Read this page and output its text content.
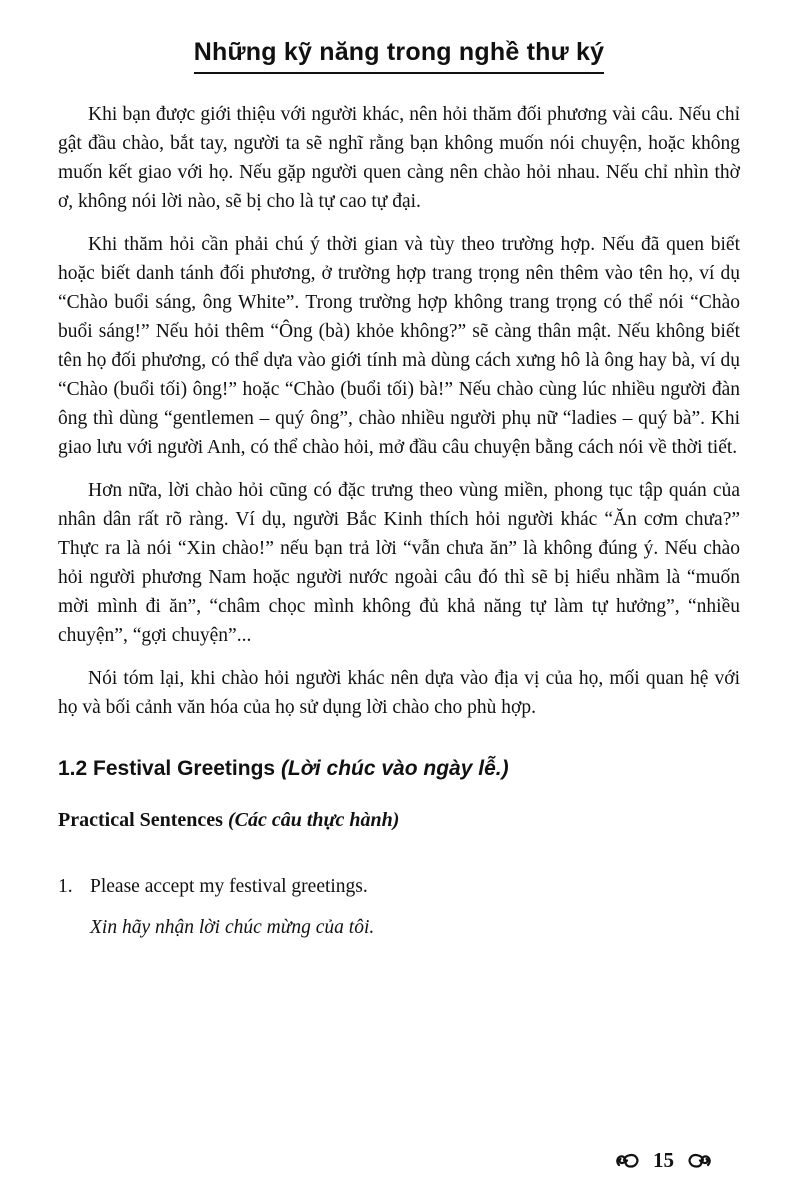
Những kỹ năng trong nghề thư ký

Khi bạn được giới thiệu với người khác, nên hỏi thăm đối phương vài câu. Nếu chỉ gật đầu chào, bắt tay, người ta sẽ nghĩ rằng bạn không muốn nói chuyện, hoặc không muốn kết giao với họ. Nếu gặp người quen càng nên chào hỏi nhau. Nếu chỉ nhìn thờ ơ, không nói lời nào, sẽ bị cho là tự cao tự đại.

Khi thăm hỏi cần phải chú ý thời gian và tùy theo trường hợp. Nếu đã quen biết hoặc biết danh tánh đối phương, ở trường hợp trang trọng nên thêm vào tên họ, ví dụ “Chào buổi sáng, ông White”. Trong trường hợp không trang trọng có thể nói “Chào buổi sáng!” Nếu hỏi thêm “Ông (bà) khỏe không?” sẽ càng thân mật. Nếu không biết tên họ đối phương, có thể dựa vào giới tính mà dùng cách xưng hô là ông hay bà, ví dụ “Chào (buổi tối) ông!” hoặc “Chào (buổi tối) bà!” Nếu chào cùng lúc nhiều người đàn ông thì dùng “gentlemen – quý ông”, chào nhiều người phụ nữ “ladies – quý bà”. Khi giao lưu với người Anh, có thể chào hỏi, mở đầu câu chuyện bằng cách nói về thời tiết.

Hơn nữa, lời chào hỏi cũng có đặc trưng theo vùng miền, phong tục tập quán của nhân dân rất rõ ràng. Ví dụ, người Bắc Kinh thích hỏi người khác “Ăn cơm chưa?” Thực ra là nói “Xin chào!” nếu bạn trả lời “vẫn chưa ăn” là không đúng ý. Nếu chào hỏi người phương Nam hoặc người nước ngoài câu đó thì sẽ bị hiểu nhầm là “muốn mời mình đi ăn”, “châm chọc mình không đủ khả năng tự làm tự hưởng”, “nhiều chuyện”, “gợi chuyện”...

Nói tóm lại, khi chào hỏi người khác nên dựa vào địa vị của họ, mối quan hệ với họ và bối cảnh văn hóa của họ sử dụng lời chào cho phù hợp.

1.2 Festival Greetings (Lời chúc vào ngày lễ.)
Practical Sentences (Các câu thực hành)
1. Please accept my festival greetings.
Xin hãy nhận lời chúc mừng của tôi.
15
